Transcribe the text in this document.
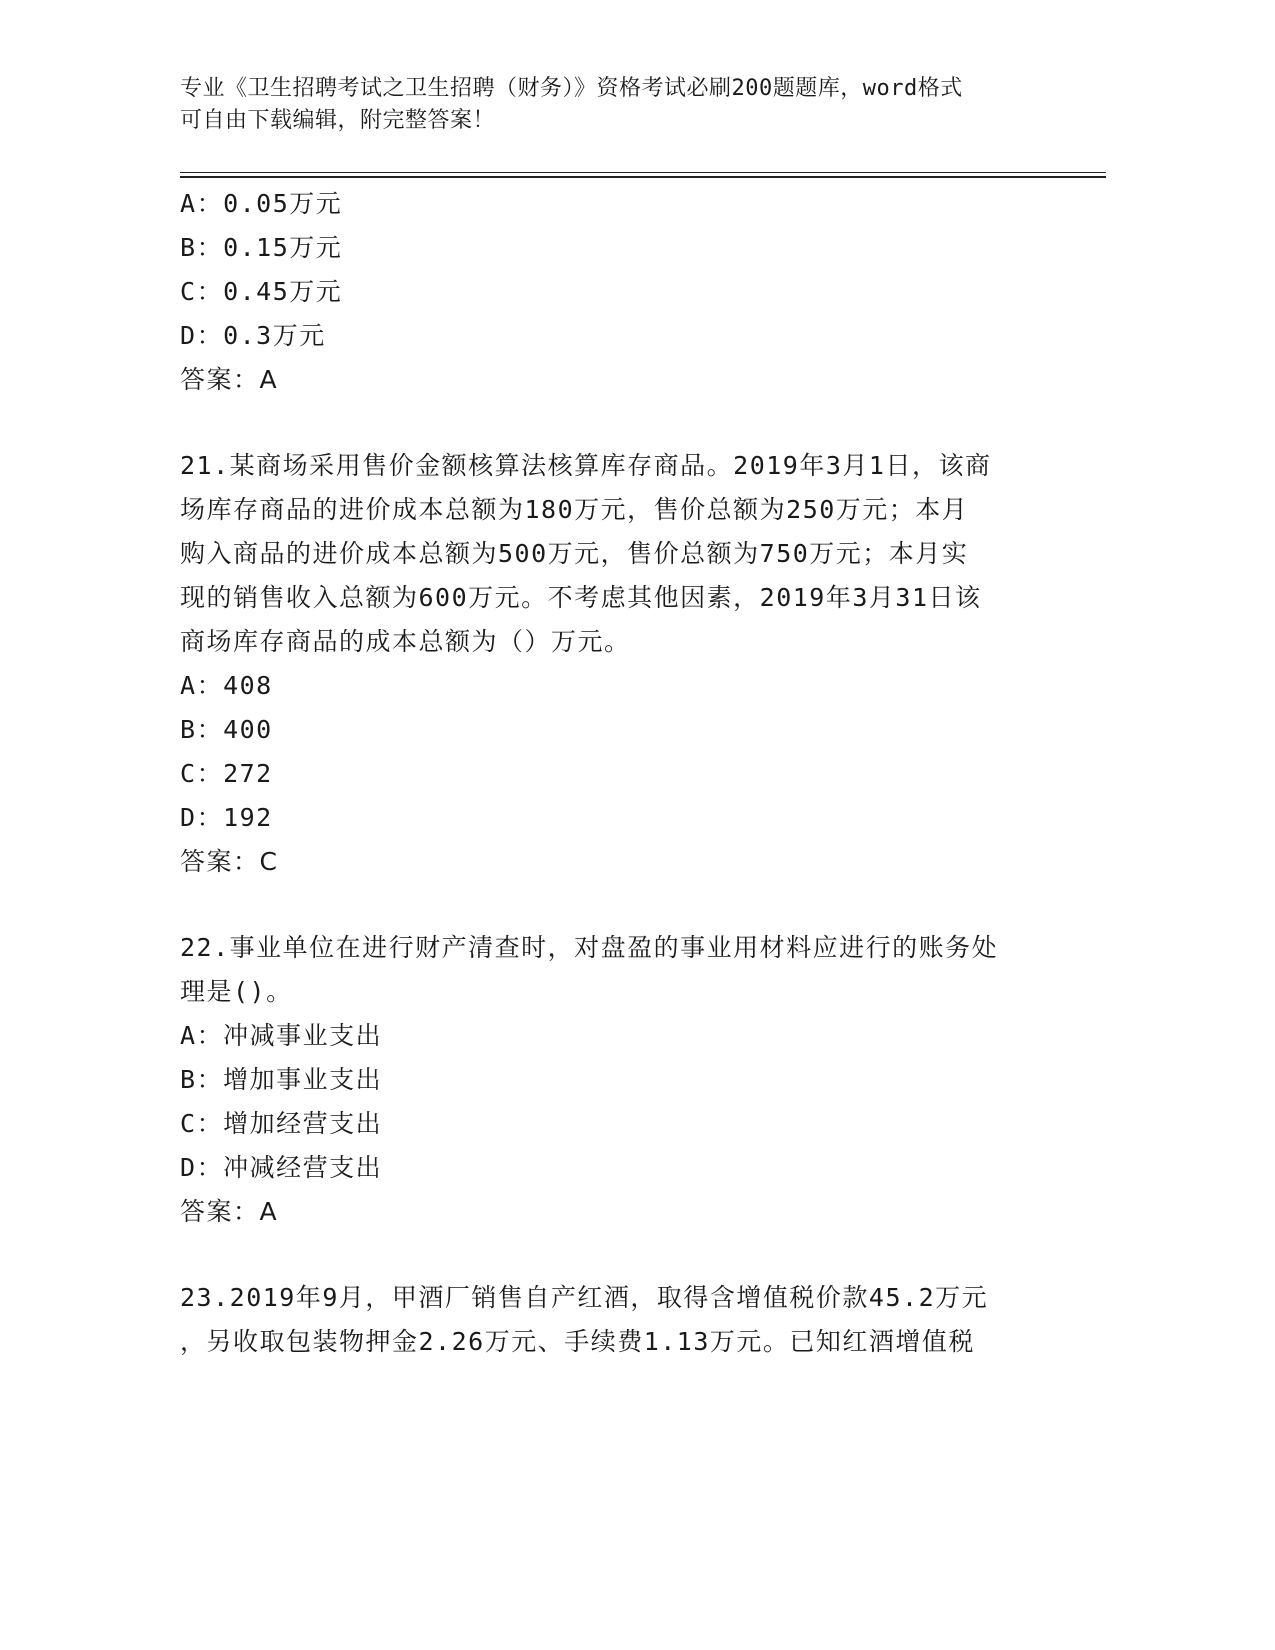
专业《卫生招聘考试之卫生招聘（财务）》资格考试必刷200题题库，word格式
可自由下载编辑，附完整答案！
A：0.05万元
B：0.15万元
C：0.45万元
D：0.3万元
答案：A
21.某商场采用售价金额核算法核算库存商品。2019年3月1日，该商
场库存商品的进价成本总额为180万元，售价总额为250万元；本月
购入商品的进价成本总额为500万元，售价总额为750万元；本月实
现的销售收入总额为600万元。不考虑其他因素，2019年3月31日该
商场库存商品的成本总额为（）万元。
A：408
B：400
C：272
D：192
答案：C
22.事业单位在进行财产清查时，对盘盈的事业用材料应进行的账务处
理是()。
A：冲减事业支出
B：增加事业支出
C：增加经营支出
D：冲减经营支出
答案：A
23.2019年9月，甲酒厂销售自产红酒，取得含增值税价款45.2万元
，另收取包装物押金2.26万元、手续费1.13万元。已知红酒增值税
